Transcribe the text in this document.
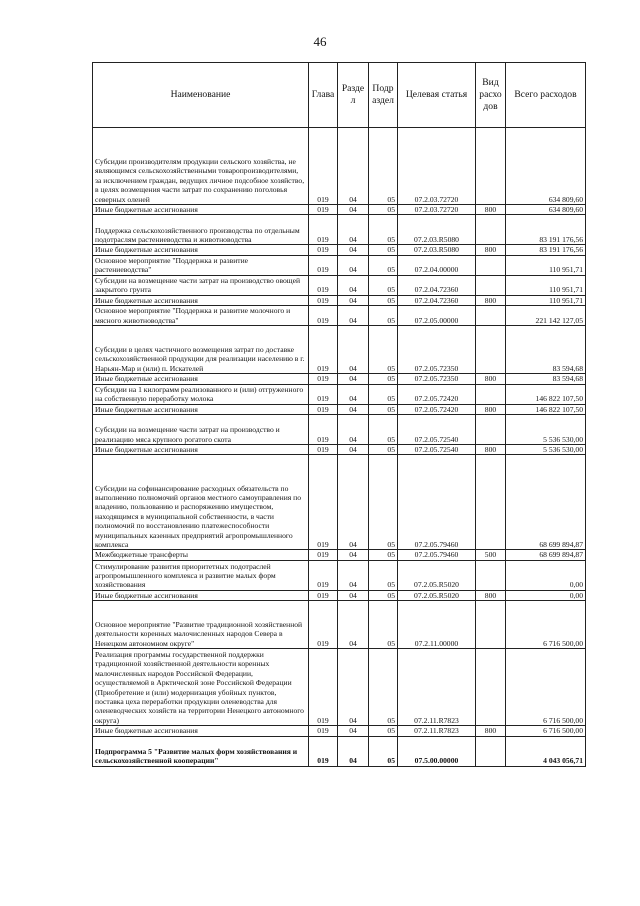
46
Наименование	Глава	Разде л	Подр аздел	Целевая статья	Вид расхо дов	Всего расходов
Субсидии производителям продукции сельского хозяйства, не являющимся сельскохозяйственными товаропроизводителями, за исключением граждан, ведущих личное подсобное хозяйство, в целях возмещения части затрат по сохранению поголовья северных оленей	019	04	05	07.2.03.72720		634 809,60
Иные бюджетные ассигнования	019	04	05	07.2.03.72720	800	634 809,60
Поддержка сельскохозяйственного производства по отдельным подотраслям растениеводства и животноводства	019	04	05	07.2.03.R5080		83 191 176,56
Иные бюджетные ассигнования	019	04	05	07.2.03.R5080	800	83 191 176,56
Основное мероприятие "Поддержка и развитие растениеводства"	019	04	05	07.2.04.00000		110 951,71
Субсидии на возмещение части затрат на производство овощей закрытого грунта	019	04	05	07.2.04.72360		110 951,71
Иные бюджетные ассигнования	019	04	05	07.2.04.72360	800	110 951,71
Основное мероприятие "Поддержка и развитие молочного и мясного животноводства"	019	04	05	07.2.05.00000		221 142 127,05
Субсидии в целях частичного возмещения затрат по доставке сельскохозяйственной продукции для реализации населению в г. Нарьян-Мар и (или) п. Искателей	019	04	05	07.2.05.72350		83 594,68
Иные бюджетные ассигнования	019	04	05	07.2.05.72350	800	83 594,68
Субсидии на 1 килограмм реализованного и (или) отгруженного на собственную переработку молока	019	04	05	07.2.05.72420		146 822 107,50
Иные бюджетные ассигнования	019	04	05	07.2.05.72420	800	146 822 107,50
Субсидии на возмещение части затрат на производство и реализацию мяса крупного рогатого скота	019	04	05	07.2.05.72540		5 536 530,00
Иные бюджетные ассигнования	019	04	05	07.2.05.72540	800	5 536 530,00
Субсидии на софинансирование расходных обязательств по выполнению полномочий органов местного самоуправления по владению, пользованию и распоряжению имуществом, находящимся в муниципальной собственности, в части полномочий по восстановлению платежеспособности муниципальных казенных предприятий агропромышленного комплекса	019	04	05	07.2.05.79460		68 699 894,87
Межбюджетные трансферты	019	04	05	07.2.05.79460	500	68 699 894,87
Стимулирование развития приоритетных подотраслей агропромышленного комплекса и развитие малых форм хозяйствования	019	04	05	07.2.05.R5020		0,00
Иные бюджетные ассигнования	019	04	05	07.2.05.R5020	800	0,00
Основное мероприятие "Развитие традиционной хозяйственной деятельности коренных малочисленных народов Севера в Ненецком автономном округе"	019	04	05	07.2.11.00000		6 716 500,00
Реализация программы государственной поддержки традиционной хозяйственной деятельности коренных малочисленных народов Российской Федерации, осуществляемой в Арктической зоне Российской Федерации (Приобретение и (или) модернизация убойных пунктов, поставка цеха переработки продукции оленеводства для оленеводческих хозяйств на территории Ненецкого автономного округа)	019	04	05	07.2.11.R7823		6 716 500,00
Иные бюджетные ассигнования	019	04	05	07.2.11.R7823	800	6 716 500,00
Подпрограмма 5 "Развитие малых форм хозяйствования и сельскохозяйственной кооперации"	019	04	05	07.5.00.00000		4 043 056,71
